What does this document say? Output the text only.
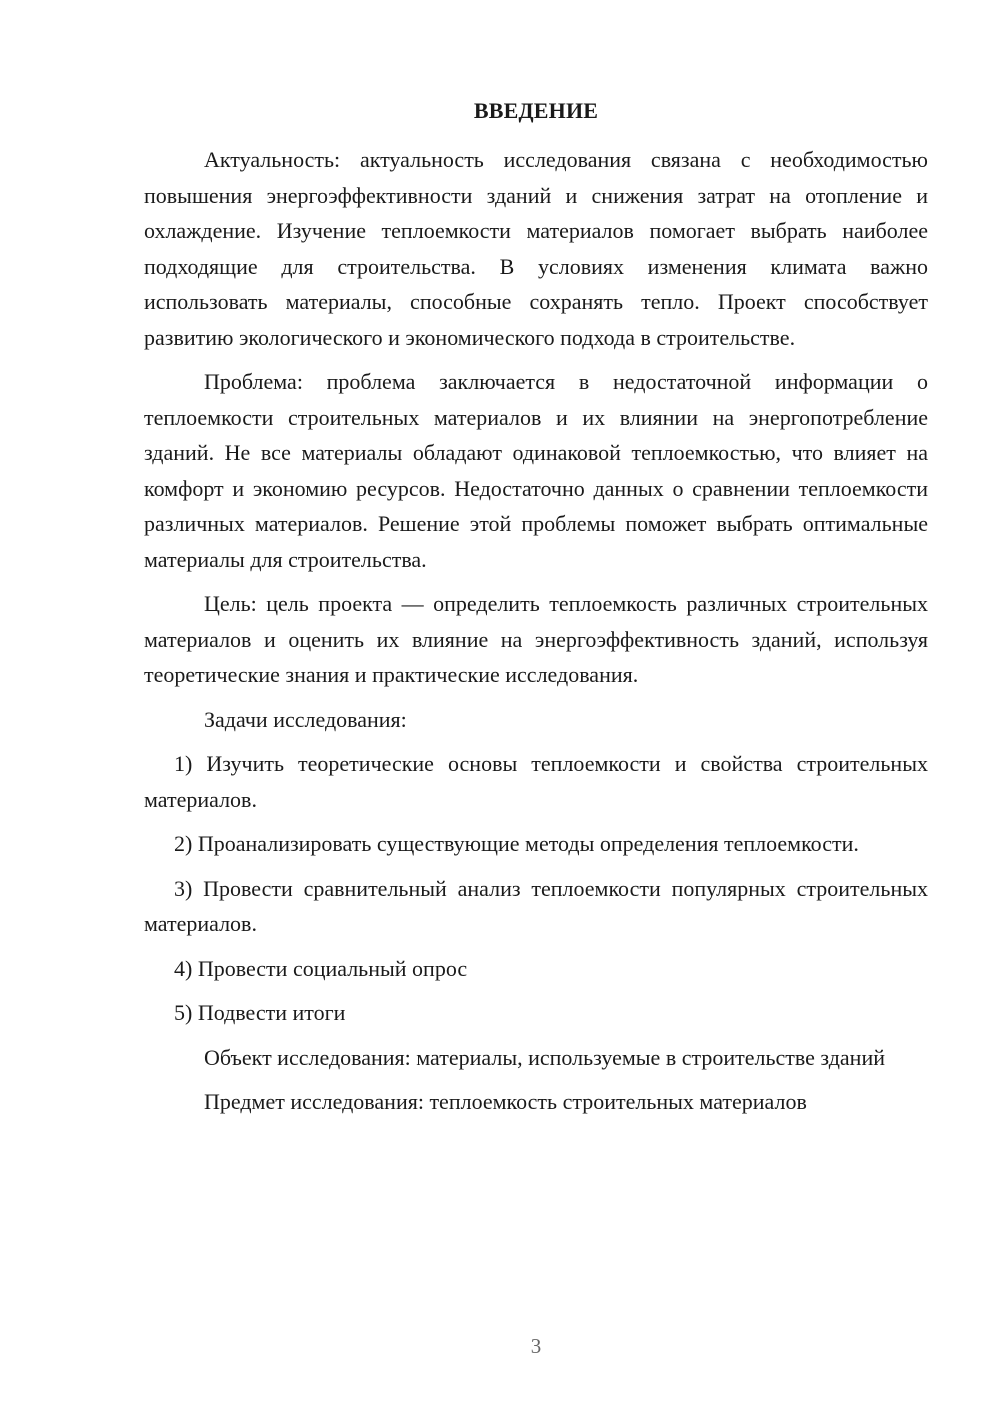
ВВЕДЕНИЕ

Актуальность: актуальность исследования связана с необходимостью повышения энергоэффективности зданий и снижения затрат на отопление и охлаждение. Изучение теплоемкости материалов помогает выбрать наиболее подходящие для строительства. В условиях изменения климата важно использовать материалы, способные сохранять тепло. Проект способствует развитию экологического и экономического подхода в строительстве.

Проблема: проблема заключается в недостаточной информации о теплоемкости строительных материалов и их влиянии на энергопотребление зданий. Не все материалы обладают одинаковой теплоемкостью, что влияет на комфорт и экономию ресурсов. Недостаточно данных о сравнении теплоемкости различных материалов. Решение этой проблемы поможет выбрать оптимальные материалы для строительства.

Цель: цель проекта — определить теплоемкость различных строительных материалов и оценить их влияние на энергоэффективность зданий, используя теоретические знания и практические исследования.

Задачи исследования:

1) Изучить теоретические основы теплоемкости и свойства строительных материалов.

2) Проанализировать существующие методы определения теплоемкости.

3) Провести сравнительный анализ теплоемкости популярных строительных материалов.

4) Провести социальный опрос

5) Подвести итоги

Объект исследования: материалы, используемые в строительстве зданий

Предмет исследования: теплоемкость строительных материалов

3
